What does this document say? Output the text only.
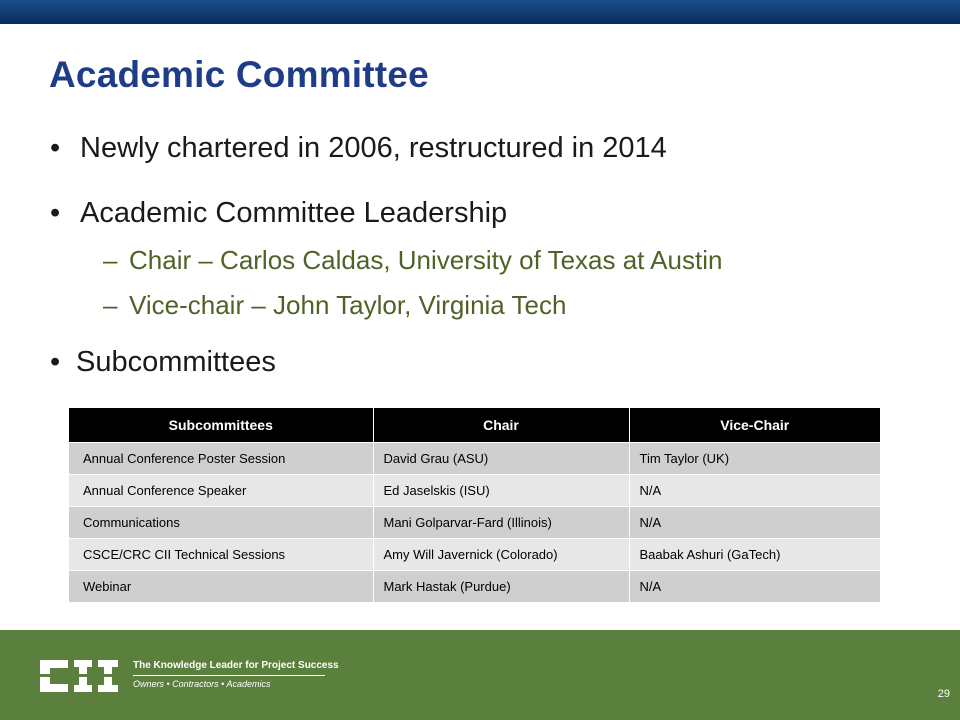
Academic Committee
• Newly chartered in 2006, restructured in 2014
• Academic Committee Leadership
– Chair – Carlos Caldas, University of Texas at Austin
– Vice-chair – John Taylor, Virginia Tech
• Subcommittees
Subcommittees	Chair	Vice-Chair
Annual Conference Poster Session	David Grau (ASU)	Tim Taylor (UK)
Annual Conference Speaker	Ed Jaselskis (ISU)	N/A
Communications	Mani Golparvar-Fard (Illinois)	N/A
CSCE/CRC CII Technical Sessions	Amy Will Javernick (Colorado)	Baabak Ashuri (GaTech)
Webinar	Mark Hastak (Purdue)	N/A
The Knowledge Leader for Project Success
Owners • Contractors • Academics
29
